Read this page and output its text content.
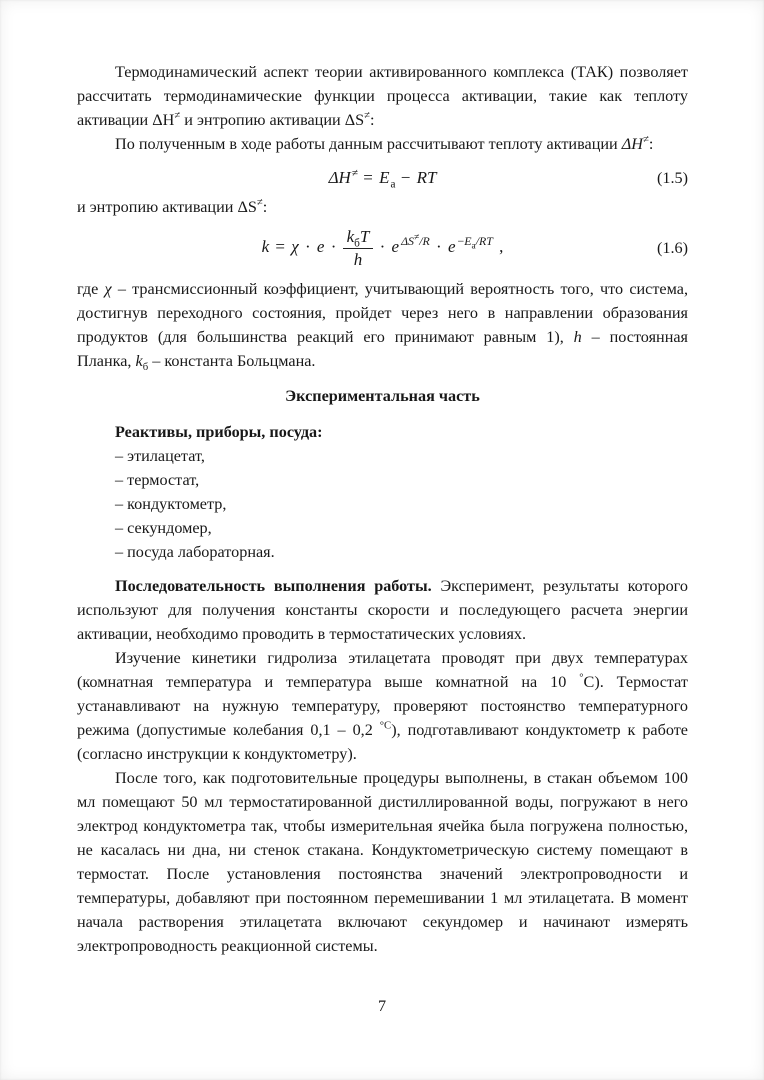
Термодинамический аспект теории активированного комплекса (ТАК) позволяет рассчитать термодинамические функции процесса активации, такие как теплоту активации ΔH≠ и энтропию активации ΔS≠:

По полученным в ходе работы данным рассчитывают теплоту активации ΔH≠:

$\Delta H^\ne = E_a$ − RT	(1.5)

и энтропию активации ΔS≠:

$k = \chi \cdot e \cdot \frac{k_бT}{h} \cdot e$ $^{\Delta S^\ne/R}$ · e $^{-E_a/RT}$ ,	(1.6)

где χ – трансмиссионный коэффициент, учитывающий вероятность того, что система, достигнув переходного состояния, пройдет через него в направлении образования продуктов (для большинства реакций его принимают равным 1), h – постоянная Планка, $k_б$ – константа Больцмана.

Экспериментальная часть

Реактивы, приборы, посуда:

– этилацетат,

– термостат,

– кондуктометр,

– секундомер,

– посуда лабораторная.

Последовательность выполнения работы. Эксперимент, результаты которого используют для получения константы скорости и последующего расчета энергии активации, необходимо проводить в термостатических условиях.

Изучение кинетики гидролиза этилацетата проводят при двух температурах (комнатная температура и температура выше комнатной на 10 °С). Термостат устанавливают на нужную температуру, проверяют постоянство температурного режима (допустимые колебания 0,1 – 0,2 $^{^\circ С}$), подготавливают кондуктометр к работе (согласно инструкции к кондуктометру).

После того, как подготовительные процедуры выполнены, в стакан объемом 100 мл помещают 50 мл термостатированной дистиллированной воды, погружают в него электрод кондуктометра так, чтобы измерительная ячейка была погружена полностью, не касалась ни дна, ни стенок стакана. Кондуктометрическую систему помещают в термостат. После установления постоянства значений электропроводности и температуры, добавляют при постоянном перемешивании 1 мл этилацетата. В момент начала растворения этилацетата включают секундомер и начинают измерять электропроводность реакционной системы.

7
